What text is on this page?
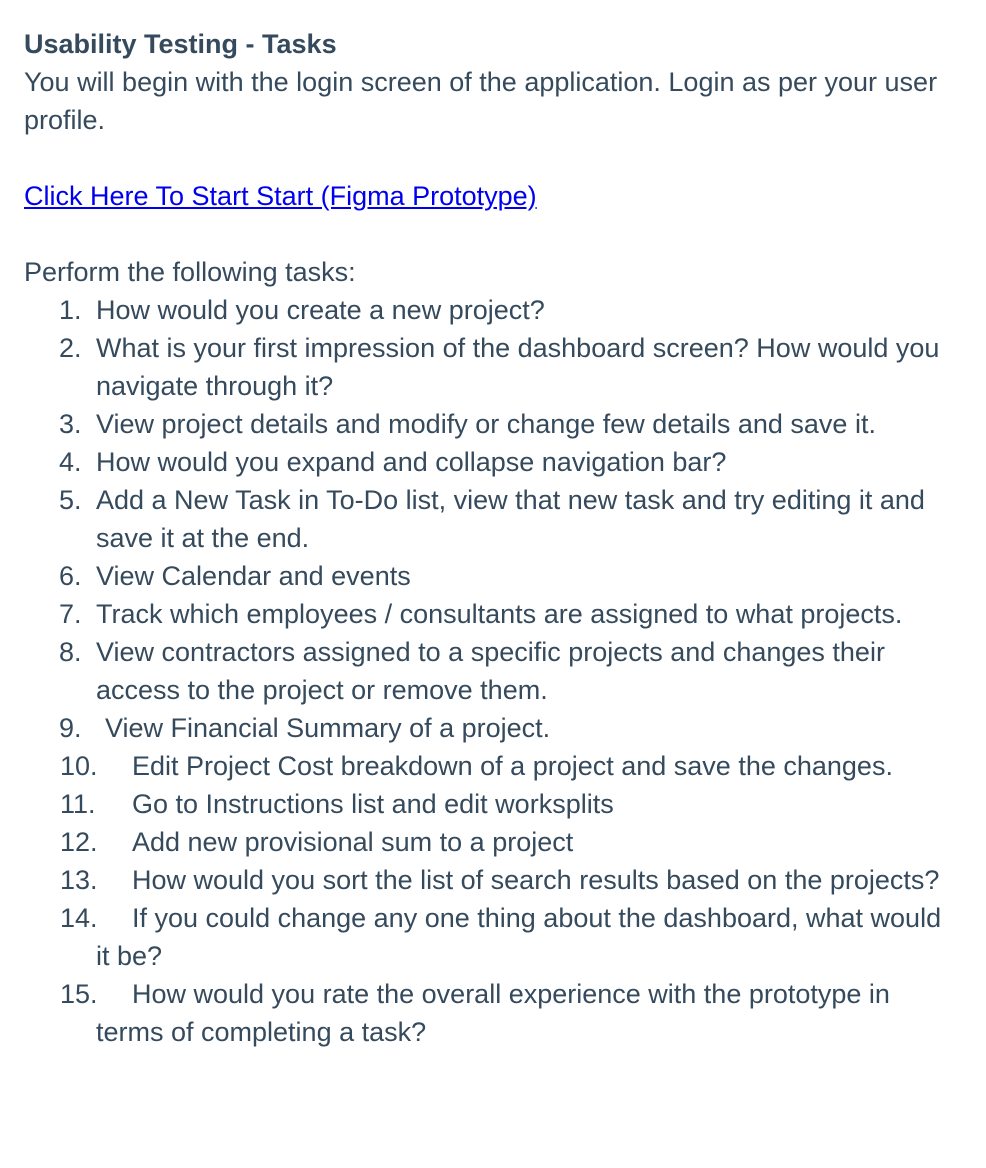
Usability Testing - Tasks

You will begin with the login screen of the application. Login as per your user profile.

Click Here To Start Start (Figma Prototype)

Perform the following tasks:

1. How would you create a new project?
2. What is your first impression of the dashboard screen? How would you navigate through it?
3. View project details and modify or change few details and save it.
4. How would you expand and collapse navigation bar?
5. Add a New Task in To-Do list, view that new task and try editing it and save it at the end.
6. View Calendar and events
7. Track which employees / consultants are assigned to what projects.
8. View contractors assigned to a specific projects and changes their access to the project or remove them.
9. View Financial Summary of a project.
10. Edit Project Cost breakdown of a project and save the changes.
11. Go to Instructions list and edit worksplits
12. Add new provisional sum to a project
13. How would you sort the list of search results based on the projects?
14. If you could change any one thing about the dashboard, what would it be?
15. How would you rate the overall experience with the prototype in terms of completing a task?
